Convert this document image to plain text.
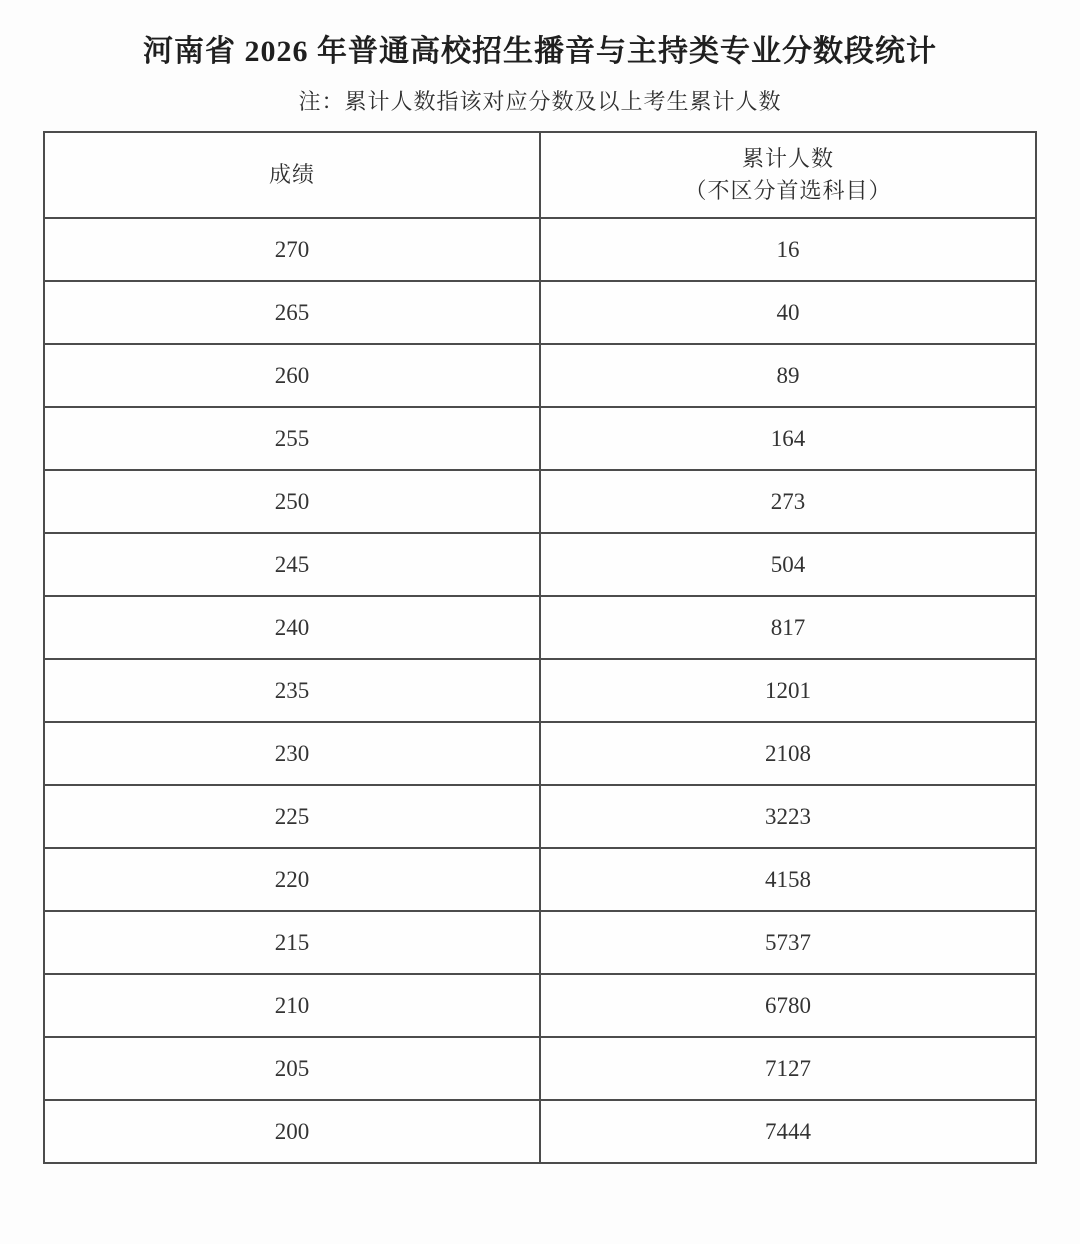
河南省 2026 年普通高校招生播音与主持类专业分数段统计
注：累计人数指该对应分数及以上考生累计人数
成绩	累计人数
（不区分首选科目）

270	16
265	40
260	89
255	164
250	273
245	504
240	817
235	1201
230	2108
225	3223
220	4158
215	5737
210	6780
205	7127
200	7444
